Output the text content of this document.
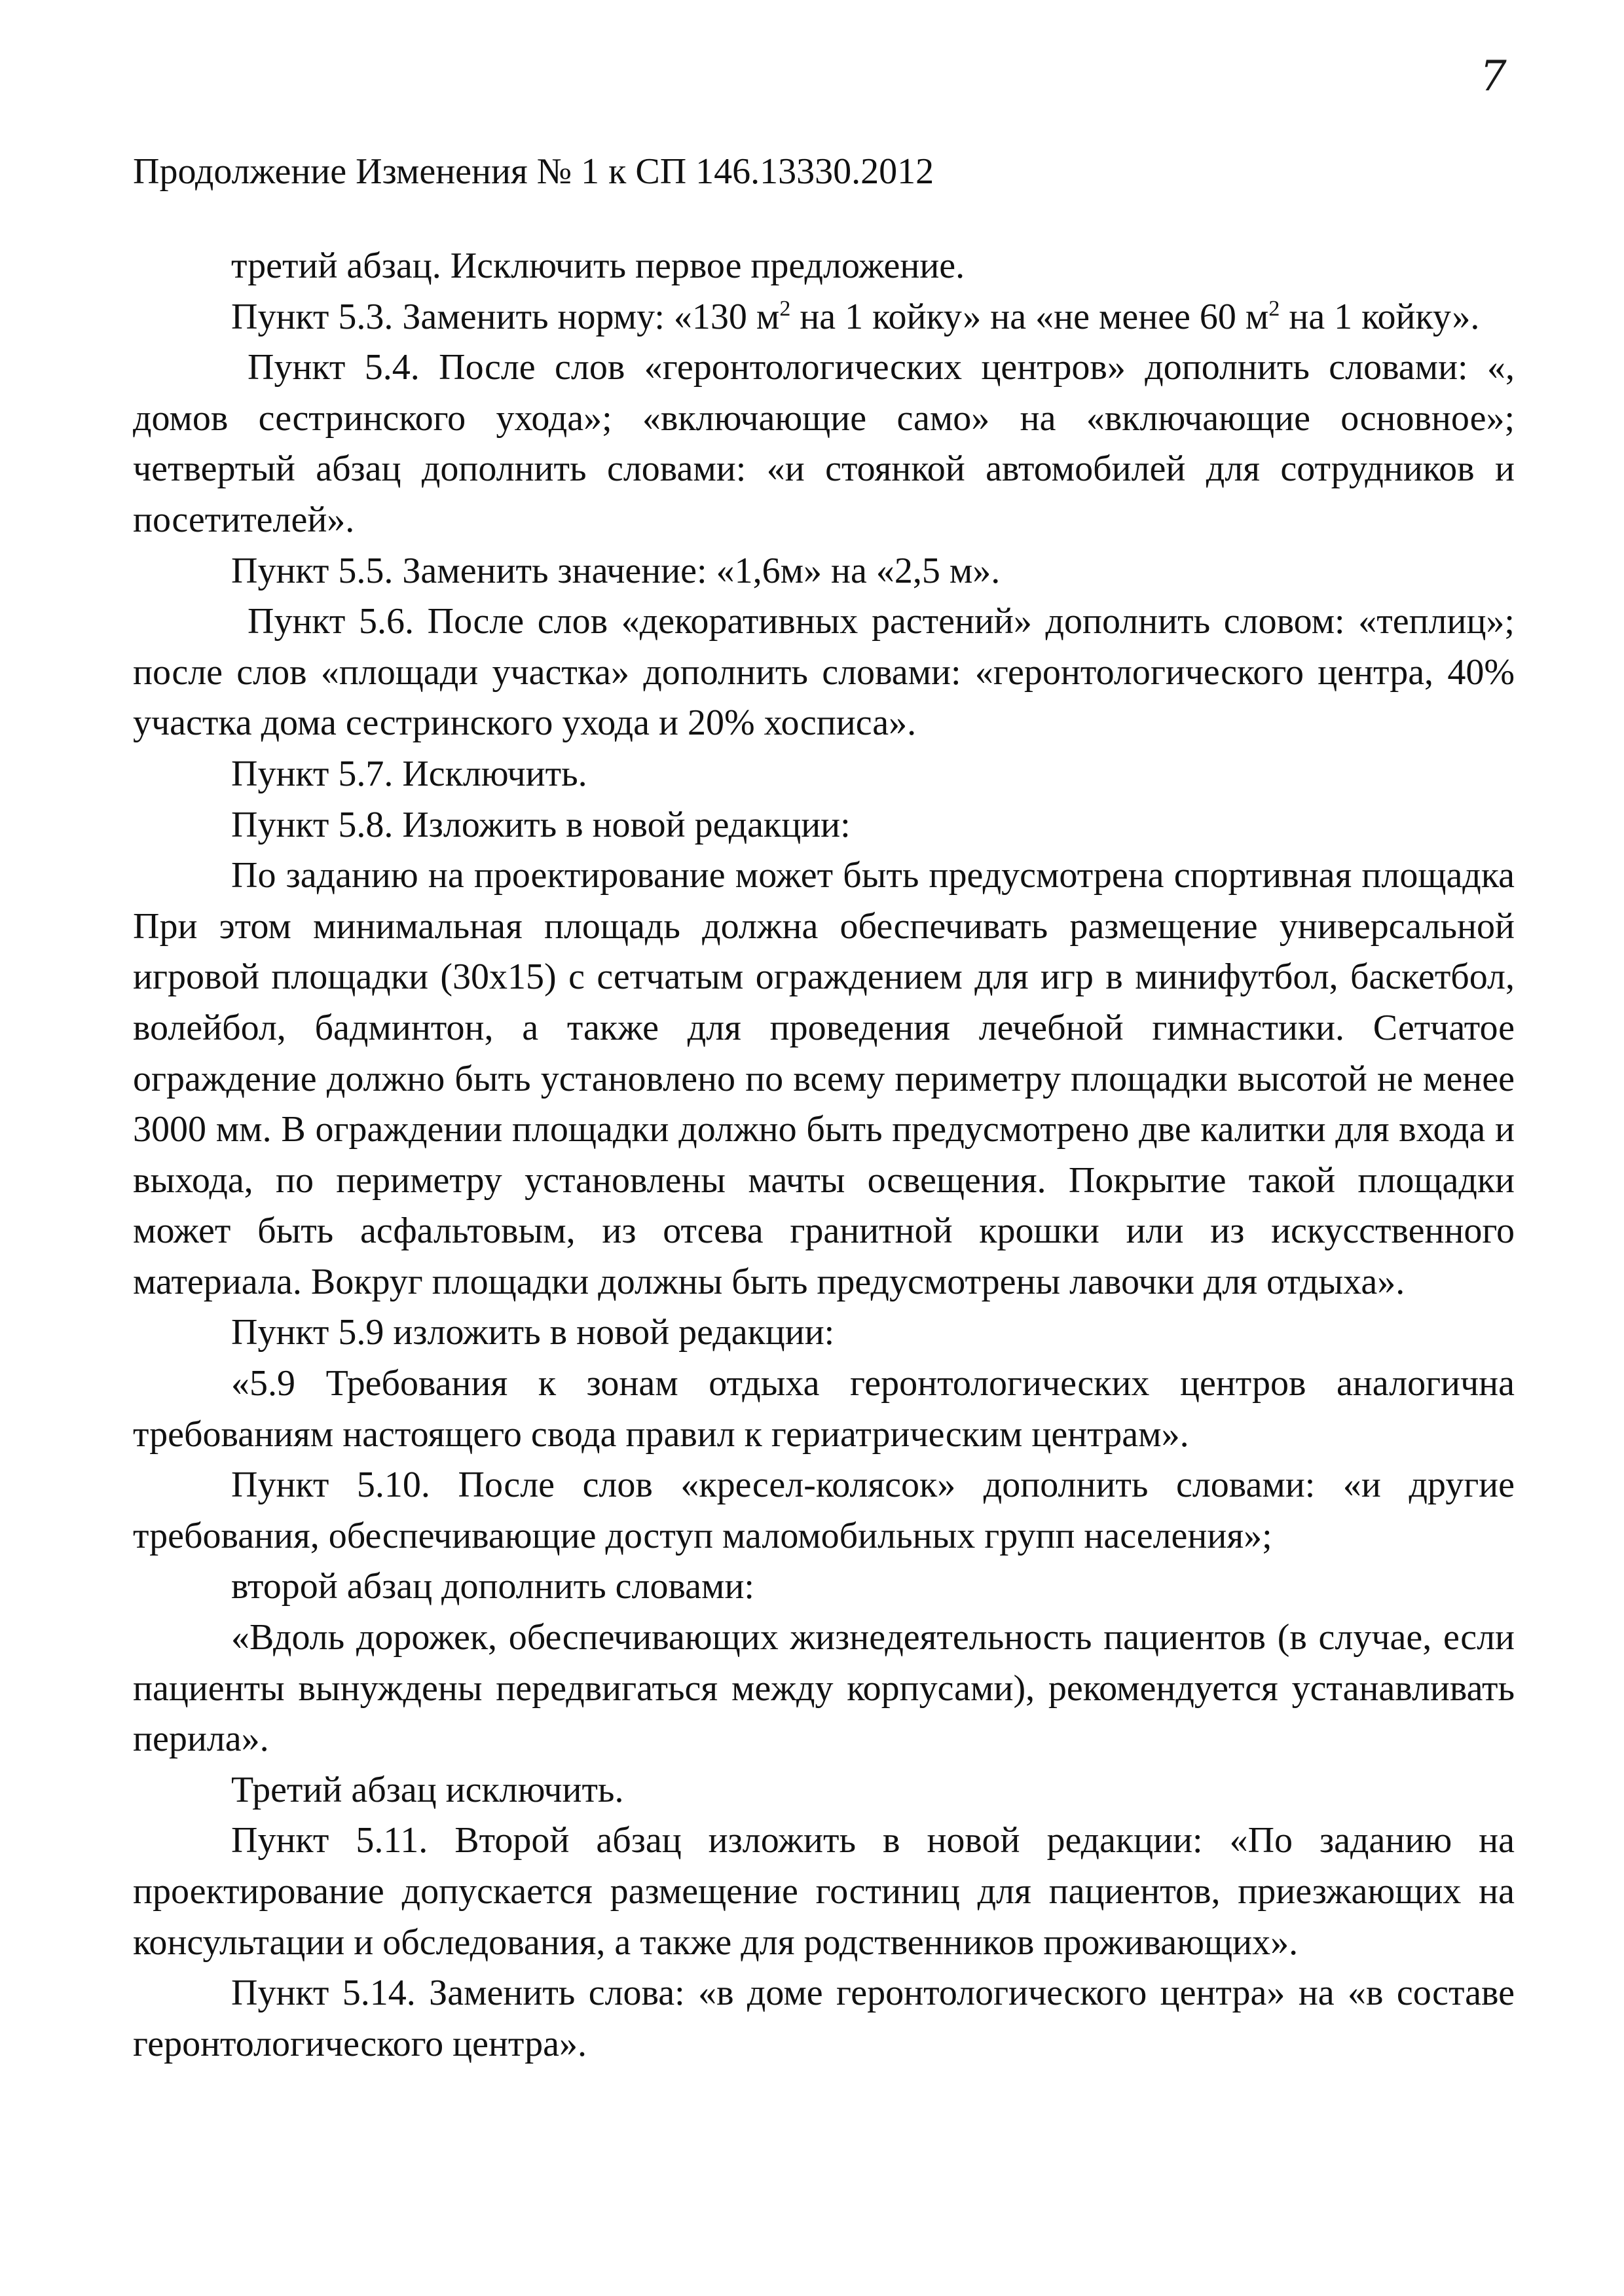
7
Продолжение Изменения № 1 к СП 146.13330.2012

третий абзац. Исключить первое предложение.

Пункт 5.3. Заменить норму: «130 $м^2$ на 1 койку» на «не менее 60 $м^2$ на 1 койку».

Пункт 5.4. После слов «геронтологических центров» дополнить словами: «, домов сестринского ухода»; «включающие само» на «включающие основное»; четвертый абзац дополнить словами: «и стоянкой автомобилей для сотрудников и посетителей».

Пункт 5.5. Заменить значение: «1,6м» на «2,5 м».

Пункт 5.6. После слов «декоративных растений» дополнить словом: «теплиц»; после слов «площади участка» дополнить словами: «геронтологического центра, 40% участка дома сестринского ухода и 20% хосписа».

Пункт 5.7. Исключить.

Пункт 5.8. Изложить в новой редакции:

По заданию на проектирование может быть предусмотрена спортивная площадка При этом минимальная площадь должна обеспечивать размещение универсальной игровой площадки (30х15) с сетчатым ограждением для игр в минифутбол, баскетбол, волейбол, бадминтон, а также для проведения лечебной гимнастики. Сетчатое ограждение должно быть установлено по всему периметру площадки высотой не менее 3000 мм. В ограждении площадки должно быть предусмотрено две калитки для входа и выхода, по периметру установлены мачты освещения. Покрытие такой площадки может быть асфальтовым, из отсева гранитной крошки или из искусственного материала. Вокруг площадки должны быть предусмотрены лавочки для отдыха».

Пункт 5.9 изложить в новой редакции:

«5.9 Требования к зонам отдыха геронтологических центров аналогична требованиям настоящего свода правил к гериатрическим центрам».

Пункт 5.10. После слов «кресел-колясок» дополнить словами: «и другие требования, обеспечивающие доступ маломобильных групп населения»;

второй абзац дополнить словами:

«Вдоль дорожек, обеспечивающих жизнедеятельность пациентов (в случае, если пациенты вынуждены передвигаться между корпусами), рекомендуется устанавливать перила».

Третий абзац исключить.

Пункт 5.11. Второй абзац изложить в новой редакции: «По заданию на проектирование допускается размещение гостиниц для пациентов, приезжающих на консультации и обследования, а также для родственников проживающих».

Пункт 5.14. Заменить слова: «в доме геронтологического центра» на «в составе геронтологического центра».
